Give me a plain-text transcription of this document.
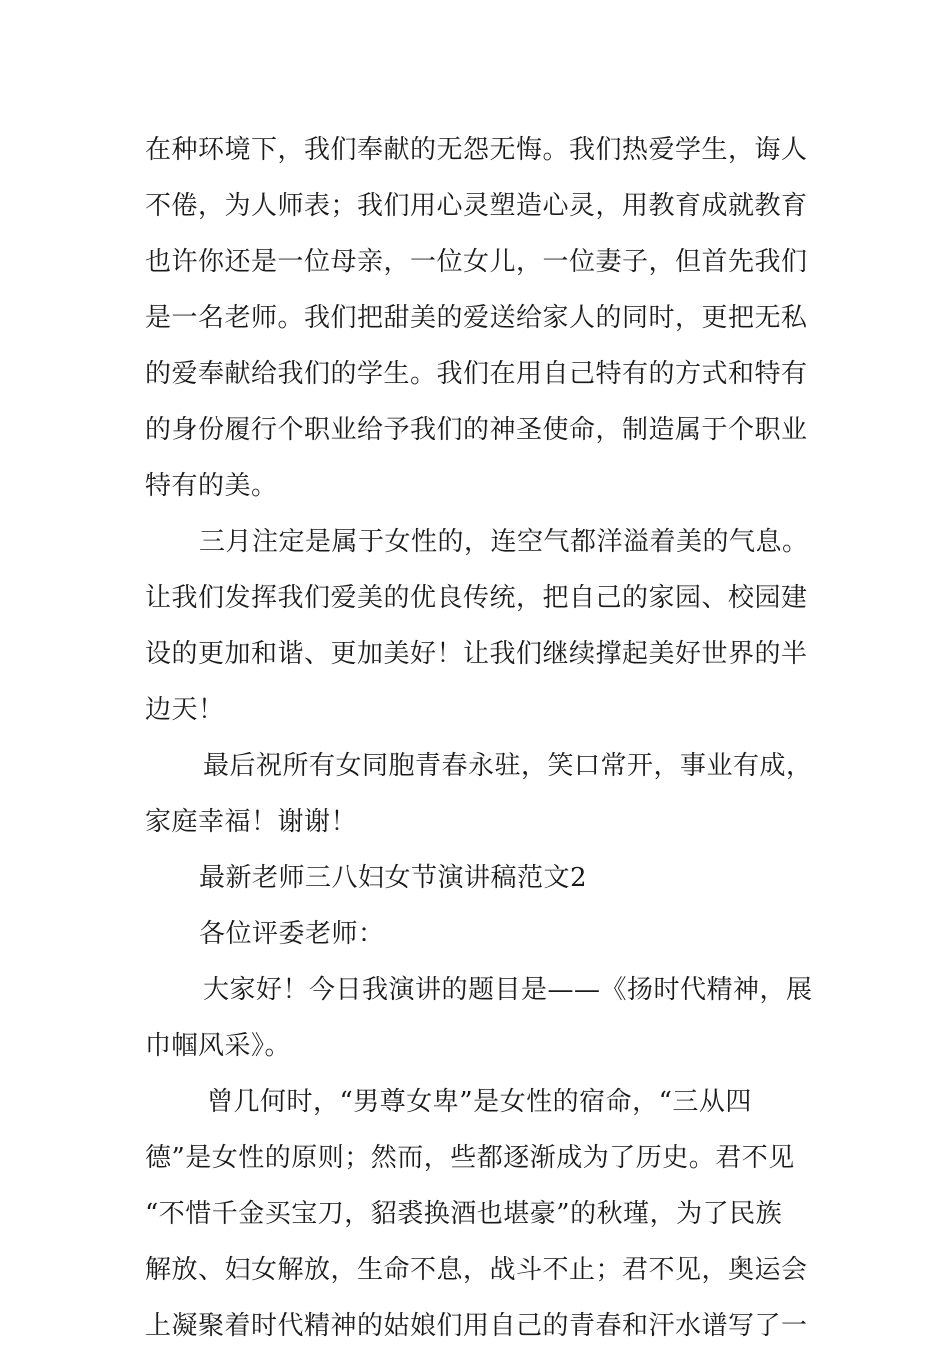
在种环境下，我们奉献的无怨无悔。我们热爱学生，诲人
不倦，为人师表；我们用心灵塑造心灵，用教育成就教育
也许你还是一位母亲，一位女儿，一位妻子，但首先我们
是一名老师。我们把甜美的爱送给家人的同时，更把无私
的爱奉献给我们的学生。我们在用自己特有的方式和特有
的身份履行个职业给予我们的神圣使命，制造属于个职业
特有的美。
三月注定是属于女性的，连空气都洋溢着美的气息。
让我们发挥我们爱美的优良传统，把自己的家园、校园建
设的更加和谐、更加美好！让我们继续撑起美好世界的半
边天！
最后祝所有女同胞青春永驻，笑口常开，事业有成，
家庭幸福！谢谢！
最新老师三八妇女节演讲稿范文2
各位评委老师：
大家好！今日我演讲的题目是——《扬时代精神，展
巾帼风采》。
曾几何时，“男尊女卑”是女性的宿命，“三从四
德”是女性的原则；然而，些都逐渐成为了历史。君不见
“不惜千金买宝刀，貂裘换酒也堪豪”的秋瑾，为了民族
解放、妇女解放，生命不息，战斗不止；君不见，奥运会
上凝聚着时代精神的姑娘们用自己的青春和汗水谱写了一
